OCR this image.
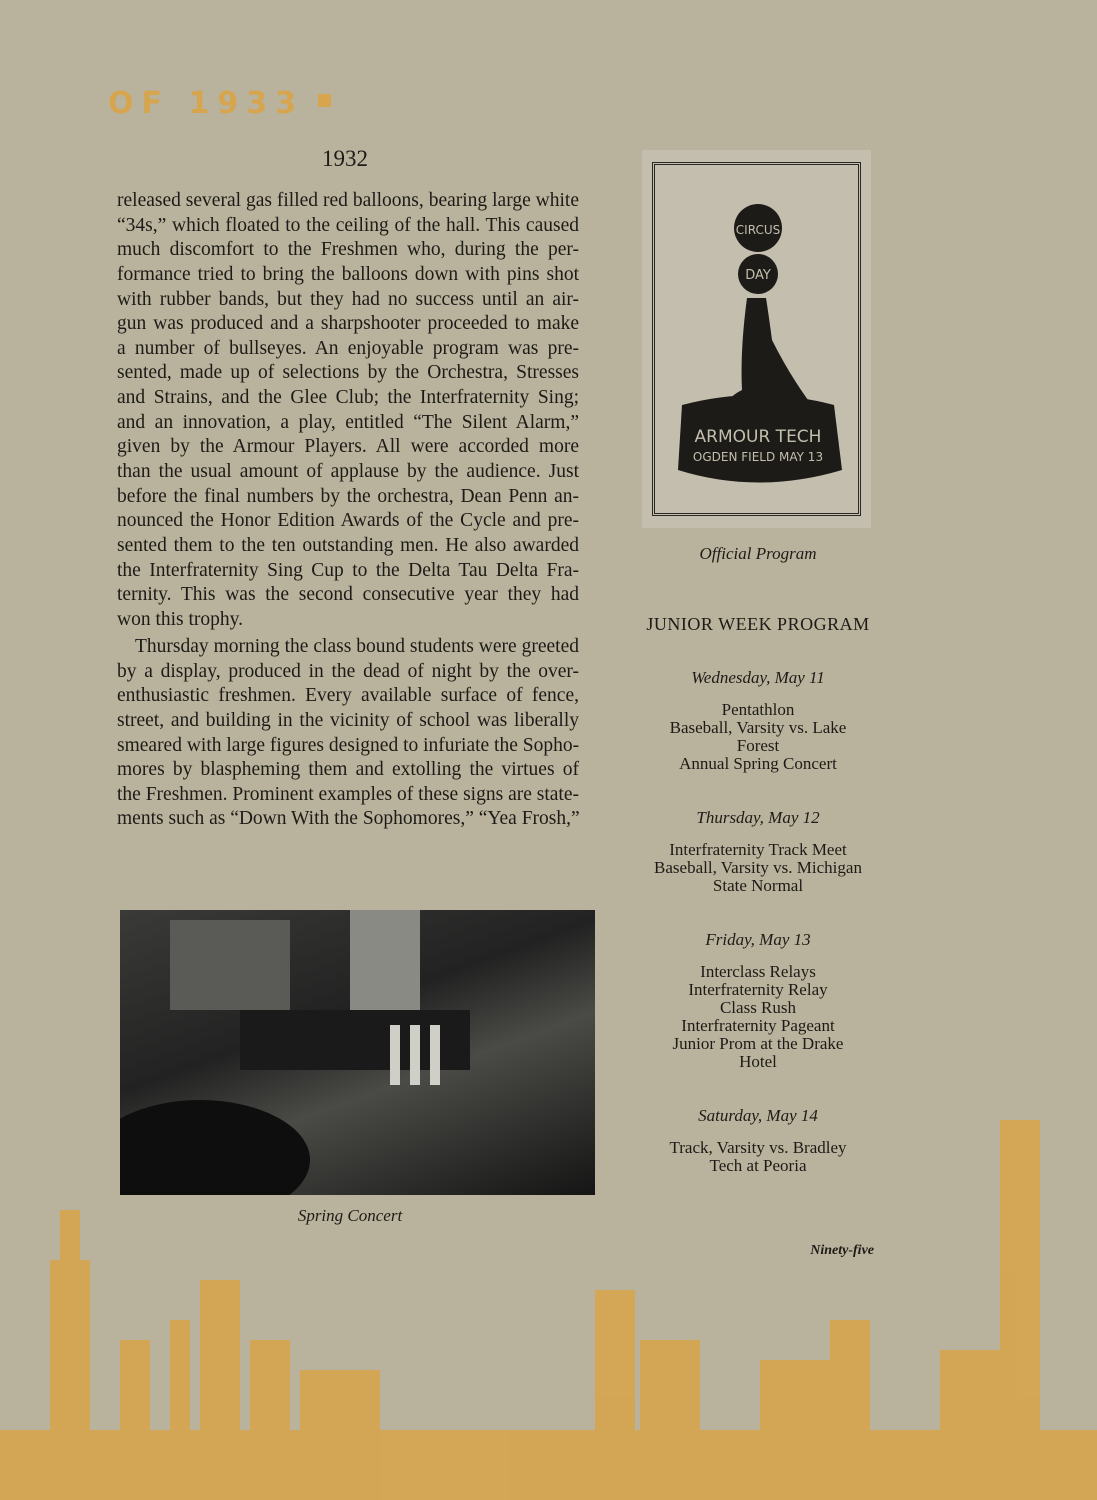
OF 1933
1932
released several gas filled red balloons, bearing large white
“34s,” which floated to the ceiling of the hall. This caused
much discomfort to the Freshmen who, during the per-
formance tried to bring the balloons down with pins shot
with rubber bands, but they had no success until an air-
gun was produced and a sharpshooter proceeded to make
a number of bullseyes. An enjoyable program was pre-
sented, made up of selections by the Orchestra, Stresses
and Strains, and the Glee Club; the Interfraternity Sing;
and an innovation, a play, entitled “The Silent Alarm,”
given by the Armour Players. All were accorded more
than the usual amount of applause by the audience. Just
before the final numbers by the orchestra, Dean Penn an-
nounced the Honor Edition Awards of the Cycle and pre-
sented them to the ten outstanding men. He also awarded
the Interfraternity Sing Cup to the Delta Tau Delta Fra-
ternity. This was the second consecutive year they had
won this trophy.
Thursday morning the class bound students were greeted
by a display, produced in the dead of night by the over-
enthusiastic freshmen. Every available surface of fence,
street, and building in the vicinity of school was liberally
smeared with large figures designed to infuriate the Sopho-
mores by blaspheming them and extolling the virtues of
the Freshmen. Prominent examples of these signs are state-
ments such as “Down With the Sophomores,” “Yea Frosh,”
CIRCUS
DAY
ARMOUR TECH
OGDEN FIELD MAY 13
Official Program
JUNIOR WEEK PROGRAM
Wednesday, May 11
Pentathlon
Baseball, Varsity vs. Lake
Forest
Annual Spring Concert
Thursday, May 12
Interfraternity Track Meet
Baseball, Varsity vs. Michigan
State Normal
Friday, May 13
Interclass Relays
Interfraternity Relay
Class Rush
Interfraternity Pageant
Junior Prom at the Drake
Hotel
Saturday, May 14
Track, Varsity vs. Bradley
Tech at Peoria
Spring Concert
Ninety-five
